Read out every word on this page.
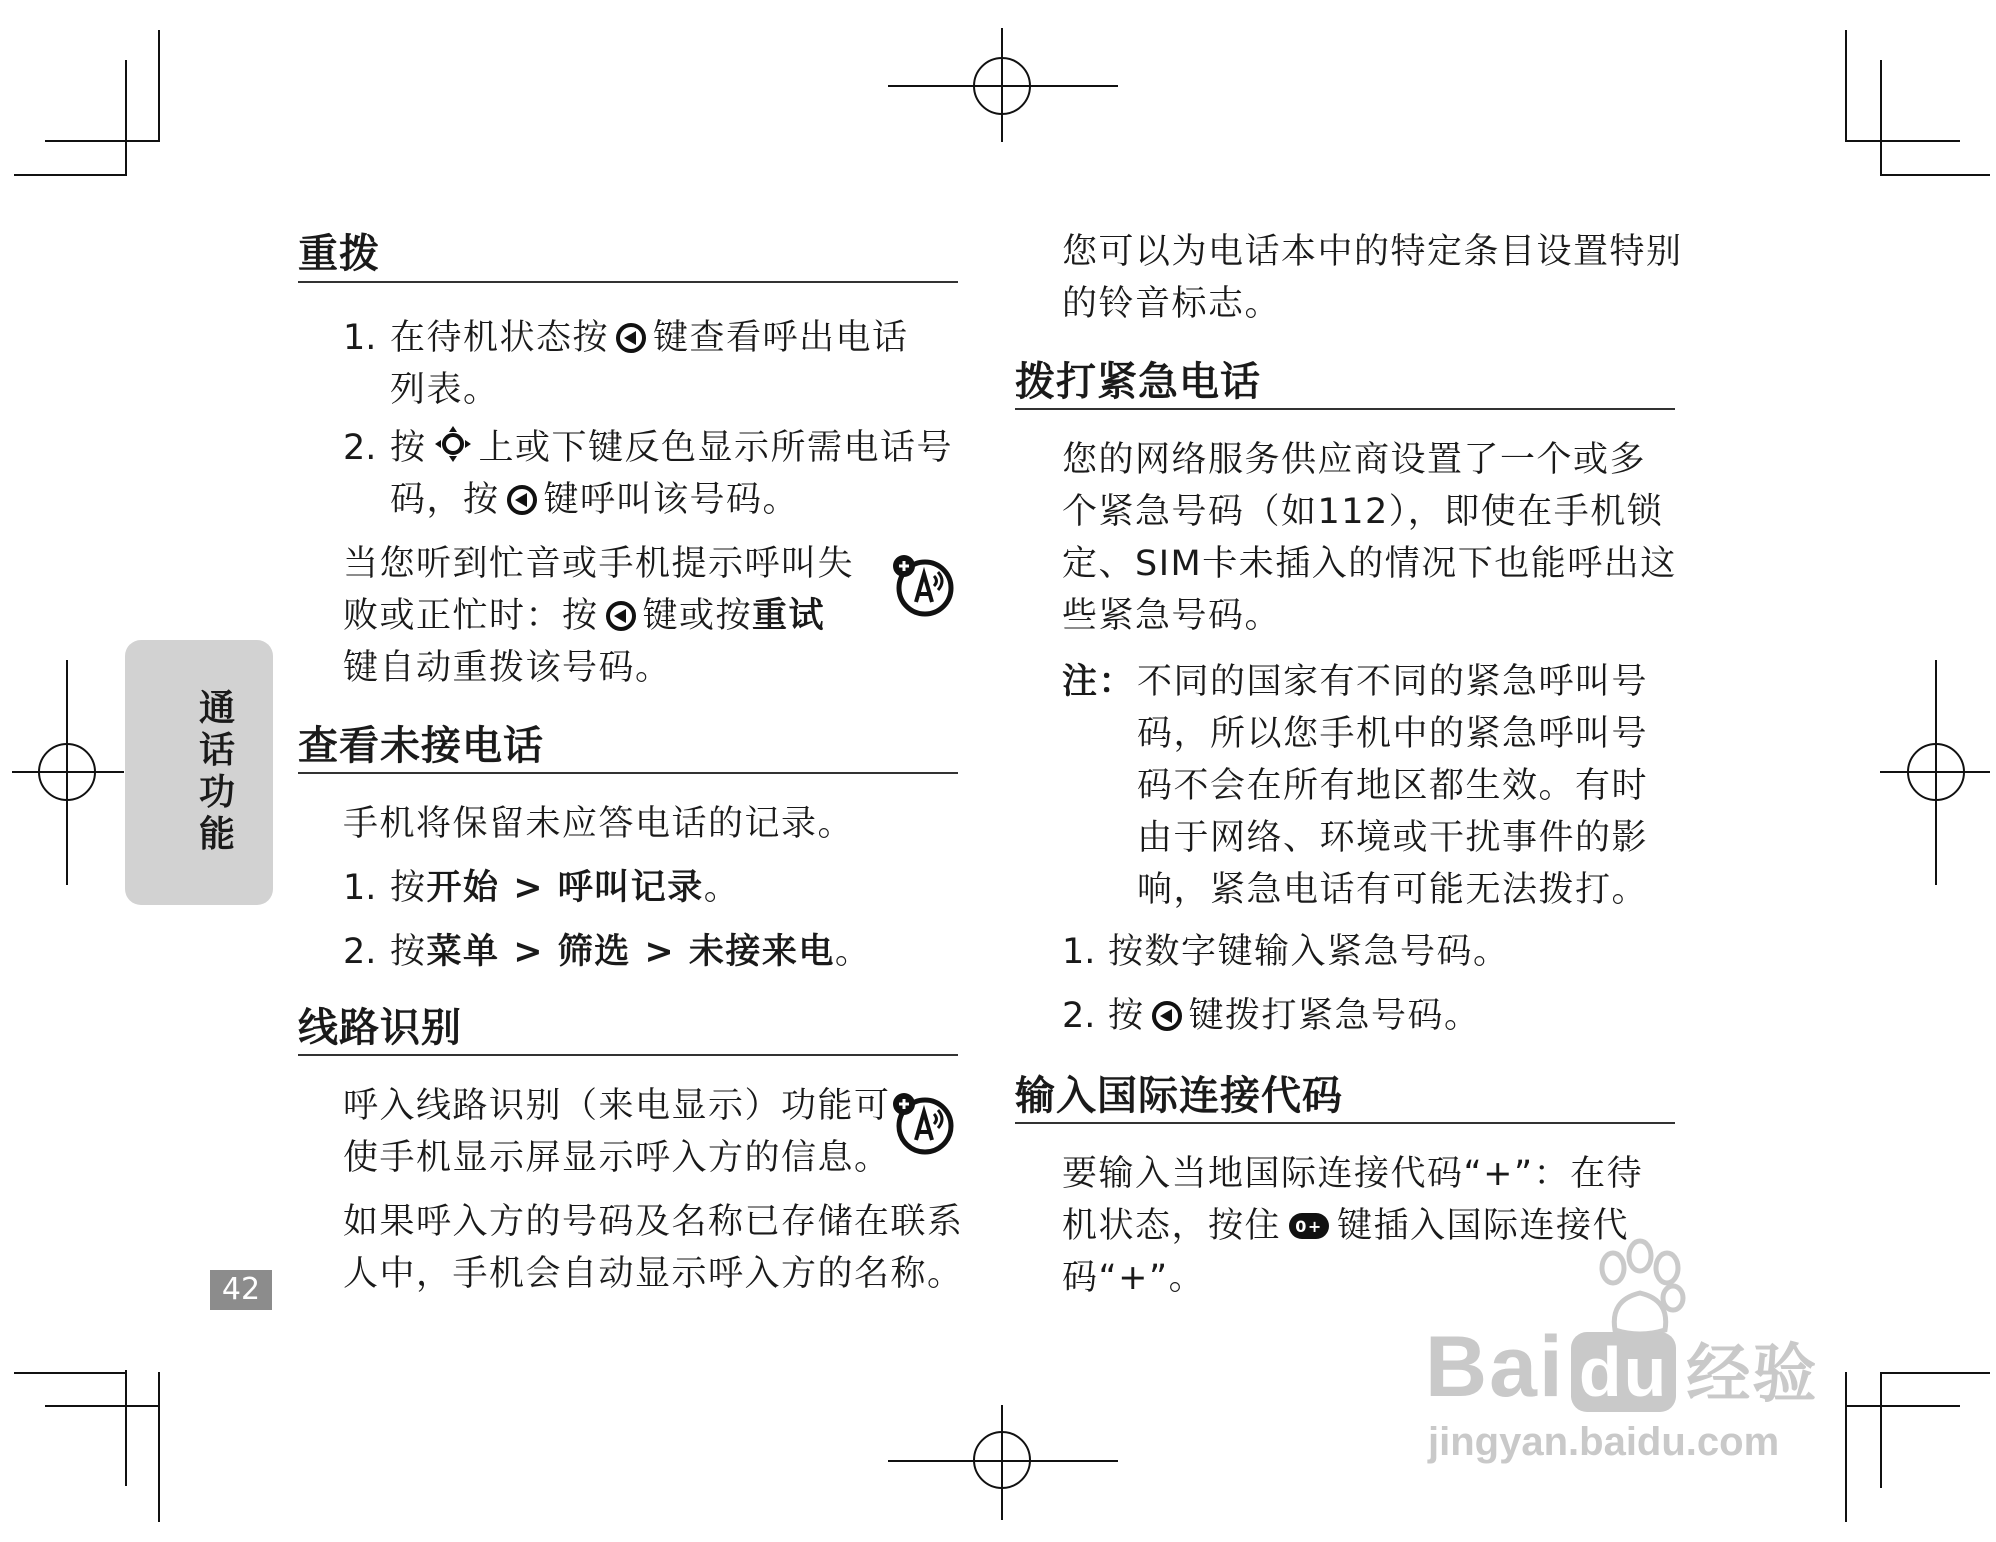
通话功能
42
重拨
1. 在待机状态按 键查看呼出电话

列表。

2. 按 上或下键反色显示所需电话号

码，按 键呼叫该号码。

当您听到忙音或手机提示呼叫失

败或正忙时：按 键或按重试

键自动重拨该号码。

查看未接电话

手机将保留未应答电话的记录。

1. 按开始 > 呼叫记录。

2. 按菜单 > 筛选 > 未接来电。

线路识别

呼入线路识别（来电显示）功能可

使手机显示屏显示呼入方的信息。

如果呼入方的号码及名称已存储在联系

人中，手机会自动显示呼入方的名称。

您可以为电话本中的特定条目设置特别

的铃音标志。

拨打紧急电话

您的网络服务供应商设置了一个或多

个紧急号码（如112），即使在手机锁

定、SIM卡未插入的情况下也能呼出这

些紧急号码。

注： 不同的国家有不同的紧急呼叫号

码，所以您手机中的紧急呼叫号

码不会在所有地区都生效。有时

由于网络、环境或干扰事件的影

响，紧急电话有可能无法拨打。

1. 按数字键输入紧急号码。

2. 按 键拨打紧急号码。

输入国际连接代码

要输入当地国际连接代码“+”：在待

机状态，按住 0+ 键插入国际连接代

码“+”。

Bai du 经验
jingyan.baidu.com
